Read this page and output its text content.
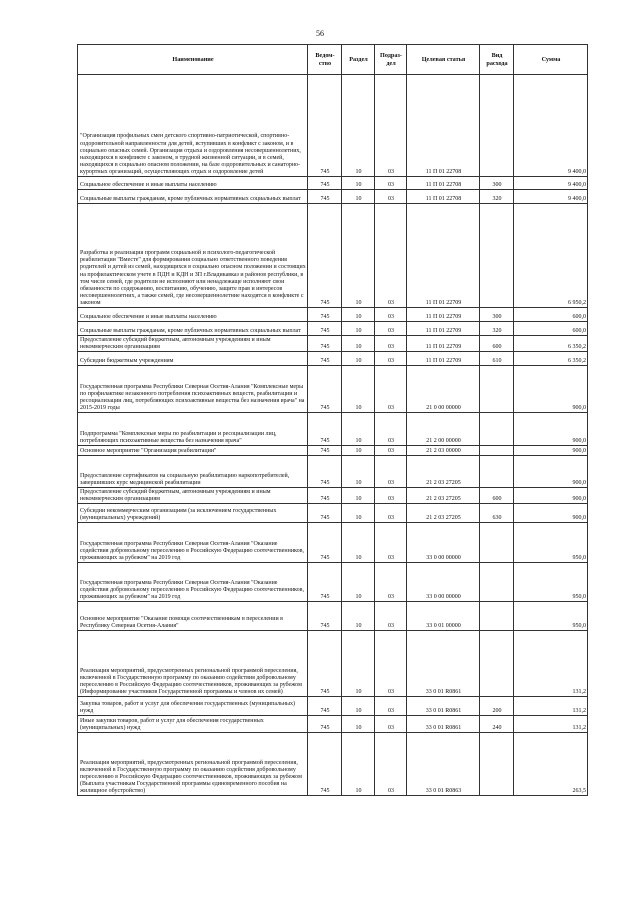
56
Наименование	Ведом-ство	Раздел	Подраз-дел	Целевая статья	Вид расхода	Сумма
"Организация профильных смен детского спортивно-патриотической, спортивно-оздоровительной направленности для детей, вступивших в конфликт с законом, и в социально опасных семей. Организация отдыха и оздоровления несовершеннолетних, находящихся в конфликте с законом, в трудной жизненной ситуации, и в семей, находящихся в социально опасном положении, на базе оздоровительных и санаторно-курортных организаций, осуществляющих отдых и оздоровление детей	745	10	03	11 П 01 22708		9 400,0
Социальное обеспечение и иные выплаты населению	745	10	03	11 П 01 22708	300	9 400,0
Социальные выплаты гражданам, кроме публичных нормативных социальных выплат	745	10	03	11 П 01 22708	320	9 400,0
Разработка и реализация программ социальной и психолого-педагогической реабилитации "Вместе" для формирования социально ответственного поведения родителей и детей из семей, находящихся в социально опасном положении и состоящих на профилактическом учете в ПДН и КДН и ЗП г.Владикавказ и районов республики, в том числе семей, где родители не исполняют или ненадлежаще исполняют свои обязанности по содержанию, воспитанию, обучению, защите прав и интересов несовершеннолетних, а также семей, где несовершеннолетние находятся в конфликте с законом	745	10	03	11 П 01 22709		6 950,2
Социальное обеспечение и иные выплаты населению	745	10	03	11 П 01 22709	300	600,0
Социальные выплаты гражданам, кроме публичных нормативных социальных выплат	745	10	03	11 П 01 22709	320	600,0
Предоставление субсидий бюджетным, автономным учреждениям и иным некоммерческим организациям	745	10	03	11 П 01 22709	600	6 350,2
Субсидии бюджетным учреждениям	745	10	03	11 П 01 22709	610	6 350,2
Государственная программа Республики Северная Осетия-Алания "Комплексные меры по профилактике незаконного потребления психоактивных веществ, реабилитации и ресоциализации лиц, потребляющих психоактивные вещества без назначения врача" на 2015-2019 годы	745	10	03	21 0 00 00000		900,0
Подпрограмма "Комплексные меры по реабилитации и ресоциализации лиц, потребляющих психоактивные вещества без назначения врача"	745	10	03	21 2 00 00000		900,0
Основное мероприятие "Организация реабилитации"	745	10	03	21 2 03 00000		900,0
Предоставление сертификатов на социальную реабилитацию наркопотребителей, завершивших курс медицинской реабилитации	745	10	03	21 2 03 27205		900,0
Предоставление субсидий бюджетным, автономным учреждениям и иным некоммерческим организациям	745	10	03	21 2 03 27205	600	900,0
Субсидии некоммерческим организациям (за исключением государственных (муниципальных) учреждений)	745	10	03	21 2 03 27205	630	900,0
Государственная программа Республики Северная Осетия-Алания "Оказание содействия добровольному переселению в Российскую Федерацию соотечественников, проживающих за рубежом" на 2019 год	745	10	03	33 0 00 00000		950,0
Государственная программа Республики Северная Осетия-Алания "Оказание содействия добровольному переселению в Российскую Федерацию соотечественников, проживающих за рубежом" на 2019 год	745	10	03	33 0 00 00000		950,0
Основное мероприятие "Оказание помощи соотечественникам в переселении в Республику Северная Осетия-Алания"	745	10	03	33 0 01 00000		950,0
Реализация мероприятий, предусмотренных региональной программой переселения, включенной в Государственную программу по оказанию содействия добровольному переселению в Российскую Федерацию соотечественников, проживающих за рубежом (Информирование участников Государственной программы и членов их семей)	745	10	03	33 0 01 R0861		131,2
Закупка товаров, работ и услуг для обеспечения государственных (муниципальных) нужд	745	10	03	33 0 01 R0861	200	131,2
Иные закупки товаров, работ и услуг для обеспечения государственных (муниципальных) нужд	745	10	03	33 0 01 R0861	240	131,2
Реализация мероприятий, предусмотренных региональной программой переселения, включенной в Государственную программу по оказанию содействия добровольному переселению в Российскую Федерацию соотечественников, проживающих за рубежом (Выплата участникам Государственной программы единовременного пособия на жилищное обустройство)	745	10	03	33 0 01 R0863		263,5
